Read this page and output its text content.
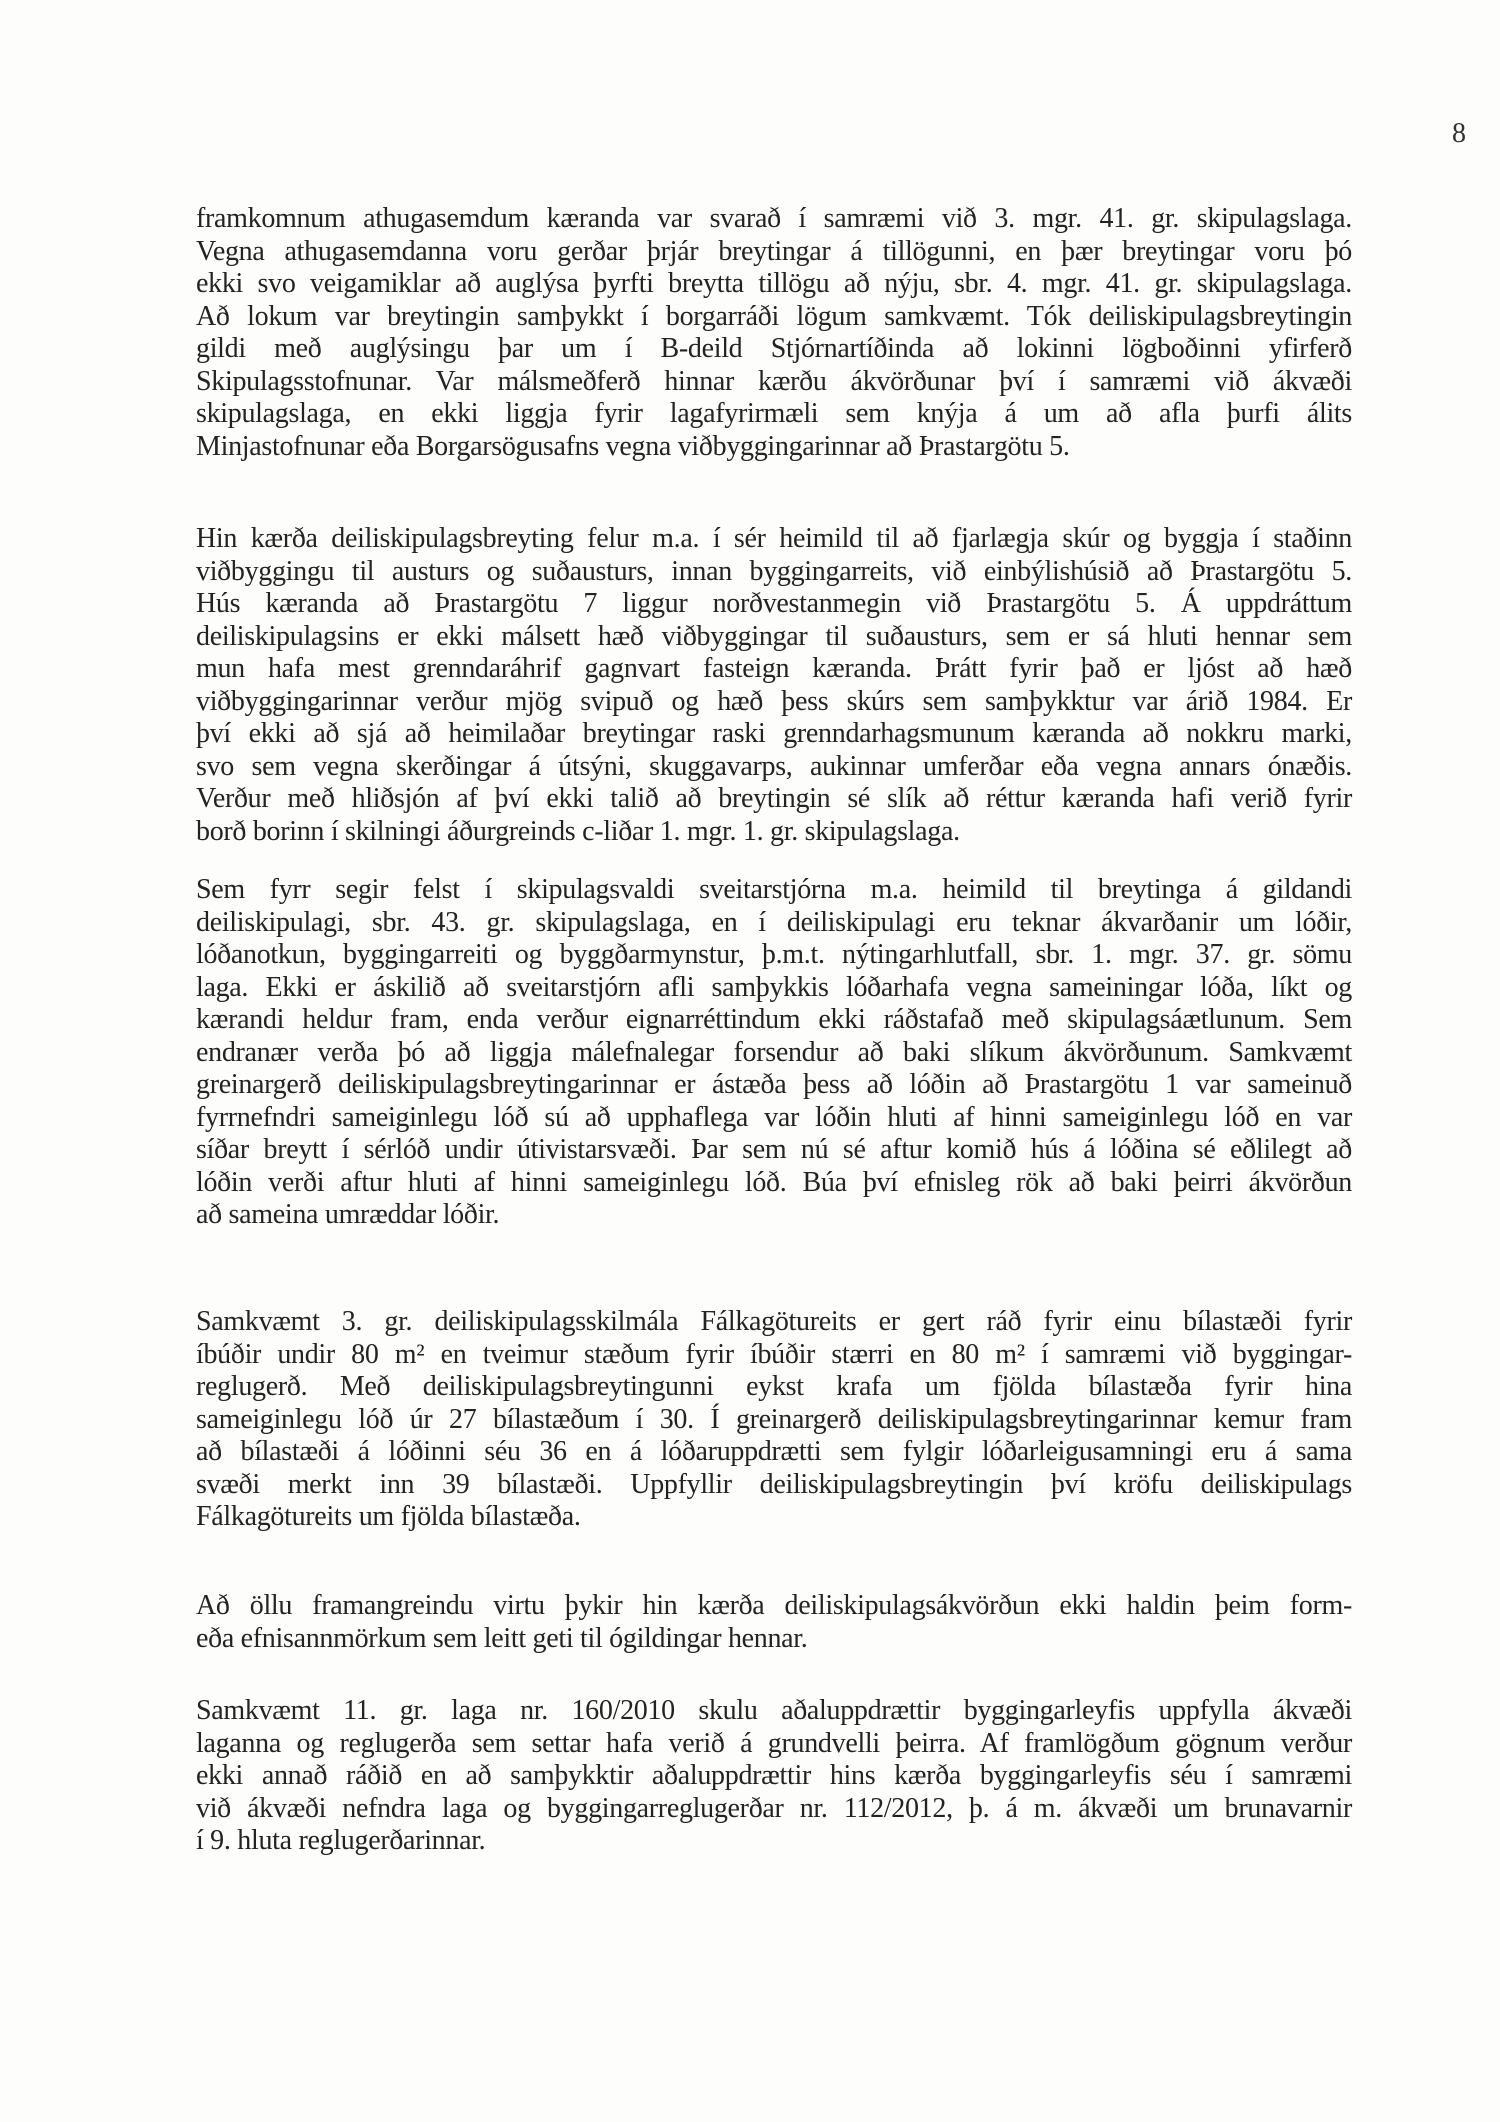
8
framkomnum athugasemdum kæranda var svarað í samræmi við 3. mgr. 41. gr. skipulagslaga.
Vegna athugasemdanna voru gerðar þrjár breytingar á tillögunni, en þær breytingar voru þó
ekki svo veigamiklar að auglýsa þyrfti breytta tillögu að nýju, sbr. 4. mgr. 41. gr. skipulagslaga.
Að lokum var breytingin samþykkt í borgarráði lögum samkvæmt. Tók deiliskipulagsbreytingin
gildi með auglýsingu þar um í B-deild Stjórnartíðinda að lokinni lögboðinni yfirferð
Skipulagsstofnunar. Var málsmeðferð hinnar kærðu ákvörðunar því í samræmi við ákvæði
skipulagslaga, en ekki liggja fyrir lagafyrirmæli sem knýja á um að afla þurfi álits
Minjastofnunar eða Borgarsögusafns vegna viðbyggingarinnar að Þrastargötu 5.
Hin kærða deiliskipulagsbreyting felur m.a. í sér heimild til að fjarlægja skúr og byggja í staðinn
viðbyggingu til austurs og suðausturs, innan byggingarreits, við einbýlishúsið að Þrastargötu 5.
Hús kæranda að Þrastargötu 7 liggur norðvestanmegin við Þrastargötu 5. Á uppdráttum
deiliskipulagsins er ekki málsett hæð viðbyggingar til suðausturs, sem er sá hluti hennar sem
mun hafa mest grenndaráhrif gagnvart fasteign kæranda. Þrátt fyrir það er ljóst að hæð
viðbyggingarinnar verður mjög svipuð og hæð þess skúrs sem samþykktur var árið 1984. Er
því ekki að sjá að heimilaðar breytingar raski grenndarhagsmunum kæranda að nokkru marki,
svo sem vegna skerðingar á útsýni, skuggavarps, aukinnar umferðar eða vegna annars ónæðis.
Verður með hliðsjón af því ekki talið að breytingin sé slík að réttur kæranda hafi verið fyrir
borð borinn í skilningi áðurgreinds c-liðar 1. mgr. 1. gr. skipulagslaga.
Sem fyrr segir felst í skipulagsvaldi sveitarstjórna m.a. heimild til breytinga á gildandi
deiliskipulagi, sbr. 43. gr. skipulagslaga, en í deiliskipulagi eru teknar ákvarðanir um lóðir,
lóðanotkun, byggingarreiti og byggðarmynstur, þ.m.t. nýtingarhlutfall, sbr. 1. mgr. 37. gr. sömu
laga. Ekki er áskilið að sveitarstjórn afli samþykkis lóðarhafa vegna sameiningar lóða, líkt og
kærandi heldur fram, enda verður eignarréttindum ekki ráðstafað með skipulagsáætlunum. Sem
endranær verða þó að liggja málefnalegar forsendur að baki slíkum ákvörðunum. Samkvæmt
greinargerð deiliskipulagsbreytingarinnar er ástæða þess að lóðin að Þrastargötu 1 var sameinuð
fyrrnefndri sameiginlegu lóð sú að upphaflega var lóðin hluti af hinni sameiginlegu lóð en var
síðar breytt í sérlóð undir útivistarsvæði. Þar sem nú sé aftur komið hús á lóðina sé eðlilegt að
lóðin verði aftur hluti af hinni sameiginlegu lóð. Búa því efnisleg rök að baki þeirri ákvörðun
að sameina umræddar lóðir.
Samkvæmt 3. gr. deiliskipulagsskilmála Fálkagötureits er gert ráð fyrir einu bílastæði fyrir
íbúðir undir 80 m² en tveimur stæðum fyrir íbúðir stærri en 80 m² í samræmi við byggingar-
reglugerð. Með deiliskipulagsbreytingunni eykst krafa um fjölda bílastæða fyrir hina
sameiginlegu lóð úr 27 bílastæðum í 30. Í greinargerð deiliskipulagsbreytingarinnar kemur fram
að bílastæði á lóðinni séu 36 en á lóðaruppdrætti sem fylgir lóðarleigusamningi eru á sama
svæði merkt inn 39 bílastæði. Uppfyllir deiliskipulagsbreytingin því kröfu deiliskipulags
Fálkagötureits um fjölda bílastæða.
Að öllu framangreindu virtu þykir hin kærða deiliskipulagsákvörðun ekki haldin þeim form-
eða efnisannmörkum sem leitt geti til ógildingar hennar.
Samkvæmt 11. gr. laga nr. 160/2010 skulu aðaluppdrættir byggingarleyfis uppfylla ákvæði
laganna og reglugerða sem settar hafa verið á grundvelli þeirra. Af framlögðum gögnum verður
ekki annað ráðið en að samþykktir aðaluppdrættir hins kærða byggingarleyfis séu í samræmi
við ákvæði nefndra laga og byggingarreglugerðar nr. 112/2012, þ. á m. ákvæði um brunavarnir
í 9. hluta reglugerðarinnar.
